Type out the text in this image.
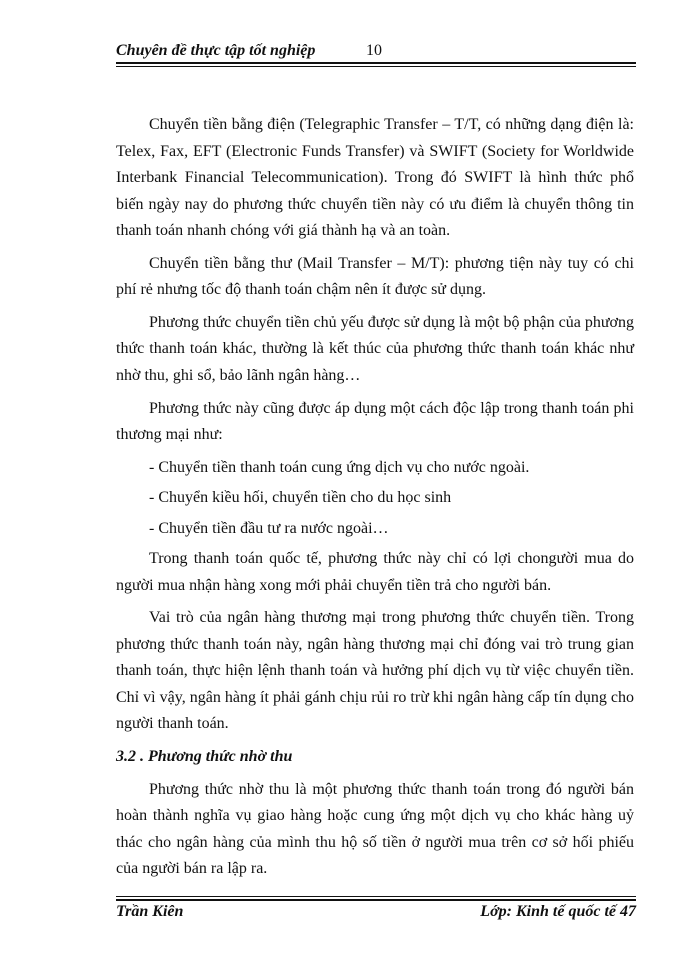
Chuyên đề thực tập tốt nghiệp	10

Chuyển tiền bằng điện (Telegraphic Transfer – T/T, có những dạng điện là: Telex, Fax, EFT (Electronic Funds Transfer) và SWIFT (Society for Worldwide Interbank Financial Telecommunication). Trong đó SWIFT là hình thức phổ biến ngày nay do phương thức chuyển tiền này có ưu điểm là chuyển thông tin thanh toán nhanh chóng với giá thành hạ và an toàn.

Chuyển tiền bằng thư (Mail Transfer – M/T): phương tiện này tuy có chi phí rẻ nhưng tốc độ thanh toán chậm nên ít được sử dụng.

Phương thức chuyển tiền chủ yếu được sử dụng là một bộ phận của phương thức thanh toán khác, thường là kết thúc của phương thức thanh toán khác như nhờ thu, ghi sổ, bảo lãnh ngân hàng…

Phương thức này cũng được áp dụng một cách độc lập trong thanh toán phi thương mại như:

- Chuyển tiền thanh toán cung ứng dịch vụ cho nước ngoài.

- Chuyển kiều hối, chuyển tiền cho du học sinh

- Chuyển tiền đầu tư ra nước ngoài…

Trong thanh toán quốc tế, phương thức này chỉ có lợi chongười mua do người mua nhận hàng xong mới phải chuyển tiền trả cho người bán.

Vai trò của ngân hàng thương mại trong phương thức chuyển tiền. Trong phương thức thanh toán này, ngân hàng thương mại chỉ đóng vai trò trung gian thanh toán, thực hiện lệnh thanh toán và hưởng phí dịch vụ từ việc chuyển tiền. Chỉ vì vậy, ngân hàng ít phải gánh chịu rủi ro trừ khi ngân hàng cấp tín dụng cho người thanh toán.

3.2 . Phương thức nhờ thu

Phương thức nhờ thu là một phương thức thanh toán trong đó người bán hoàn thành nghĩa vụ giao hàng hoặc cung ứng một dịch vụ cho khác hàng uỷ thác cho ngân hàng của mình thu hộ số tiền ở người mua trên cơ sở hối phiếu của người bán ra lập ra.

Trần Kiên	Lớp: Kinh tế quốc tế 47
